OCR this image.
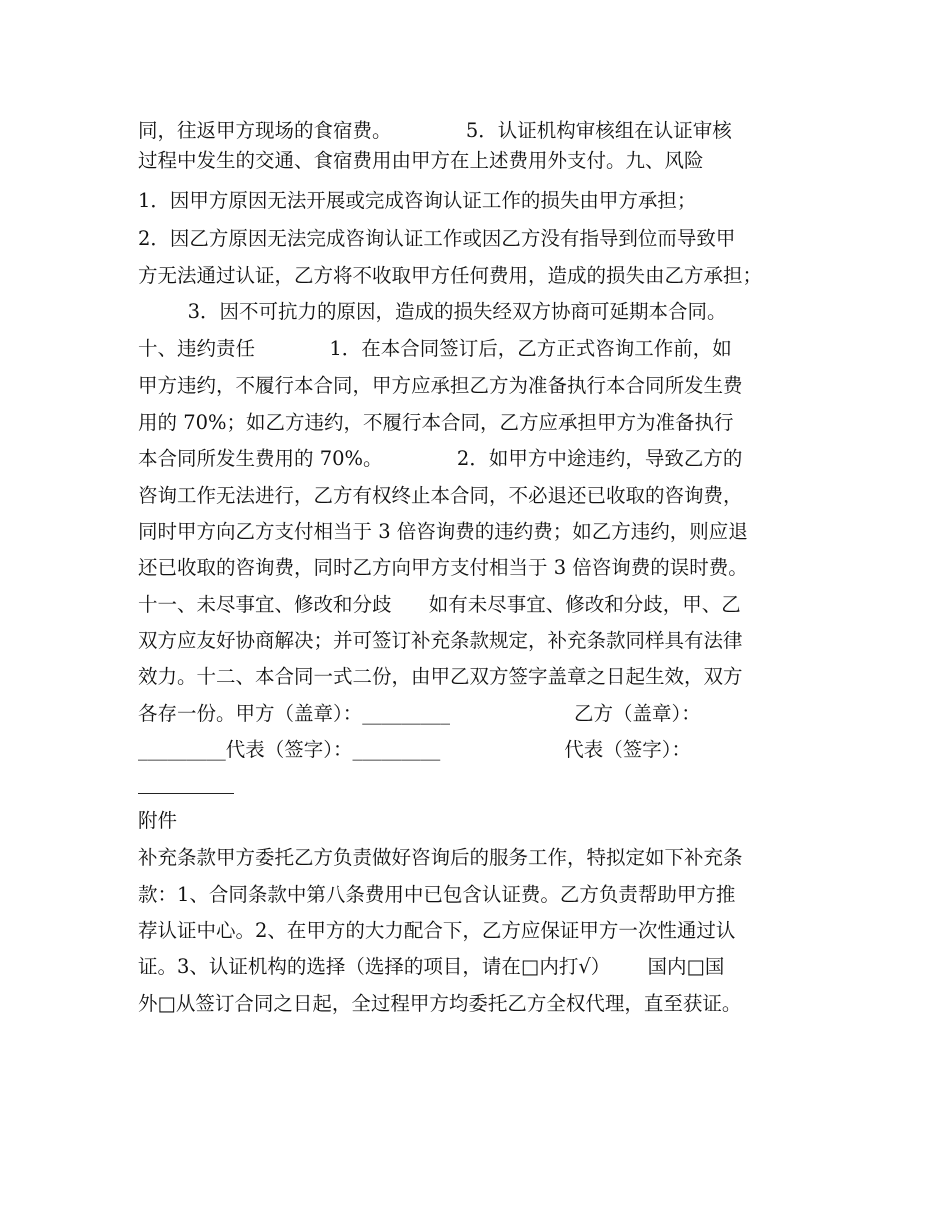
同，往返甲方现场的食宿费。            5．认证机构审核组在认证审核
过程中发生的交通、食宿费用由甲方在上述费用外支付。九、风险
1．因甲方原因无法开展或完成咨询认证工作的损失由甲方承担；
2．因乙方原因无法完成咨询认证工作或因乙方没有指导到位而导致甲
方无法通过认证，乙方将不收取甲方任何费用，造成的损失由乙方承担；
3．因不可抗力的原因，造成的损失经双方协商可延期本合同。
十、违约责任            1．在本合同签订后，乙方正式咨询工作前，如
甲方违约，不履行本合同，甲方应承担乙方为准备执行本合同所发生费
用的 70%；如乙方违约，不履行本合同，乙方应承担甲方为准备执行
本合同所发生费用的 70%。            2．如甲方中途违约，导致乙方的
咨询工作无法进行，乙方有权终止本合同，不必退还已收取的咨询费，
同时甲方向乙方支付相当于 3 倍咨询费的违约费；如乙方违约，则应退
还已收取的咨询费，同时乙方向甲方支付相当于 3 倍咨询费的误时费。
十一、未尽事宜、修改和分歧      如有未尽事宜、修改和分歧，甲、乙
双方应友好协商解决；并可签订补充条款规定，补充条款同样具有法律
效力。十二、本合同一式二份，由甲乙双方签字盖章之日起生效，双方
各存一份。甲方（盖章）：_________                    乙方（盖章）：
_________代表（签字）：_________                    代表（签字）：
附件
补充条款甲方委托乙方负责做好咨询后的服务工作，特拟定如下补充条
款：1、合同条款中第八条费用中已包含认证费。乙方负责帮助甲方推
荐认证中心。2、在甲方的大力配合下，乙方应保证甲方一次性通过认
证。3、认证机构的选择（选择的项目，请在□内打√）      国内□国
外□从签订合同之日起，全过程甲方均委托乙方全权代理，直至获证。
